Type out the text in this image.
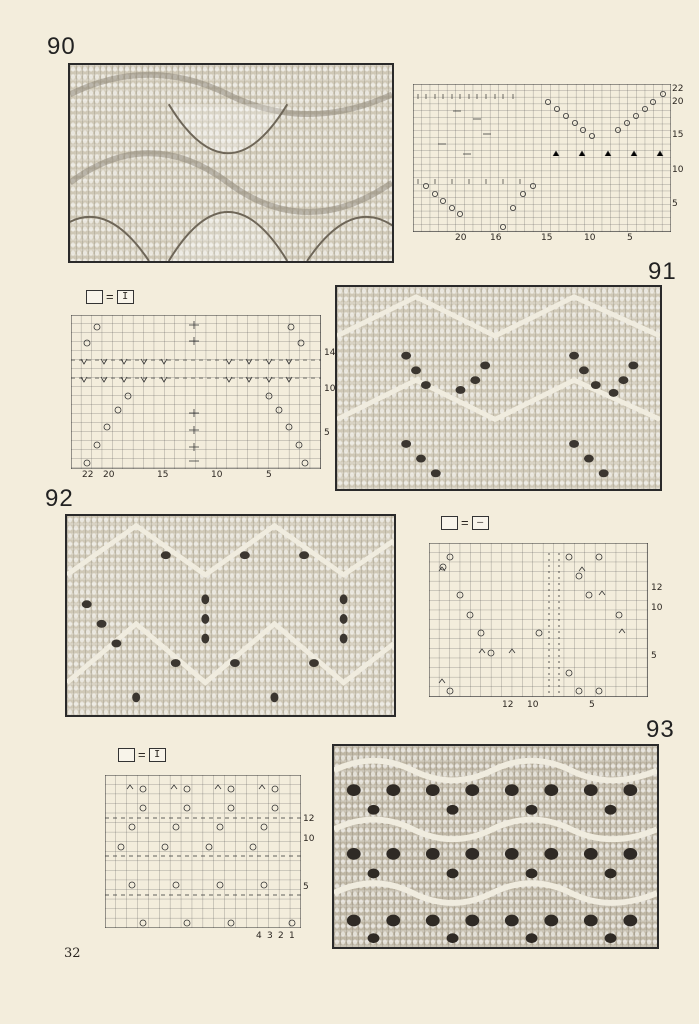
90
22
20
15
10
5
20	16	15	10	5
91
= I
14
10
5
22 20	15	10	5
92
= —
12
10
5
12 10	5
93
= I
12
10
5
4 3 2 1
32
